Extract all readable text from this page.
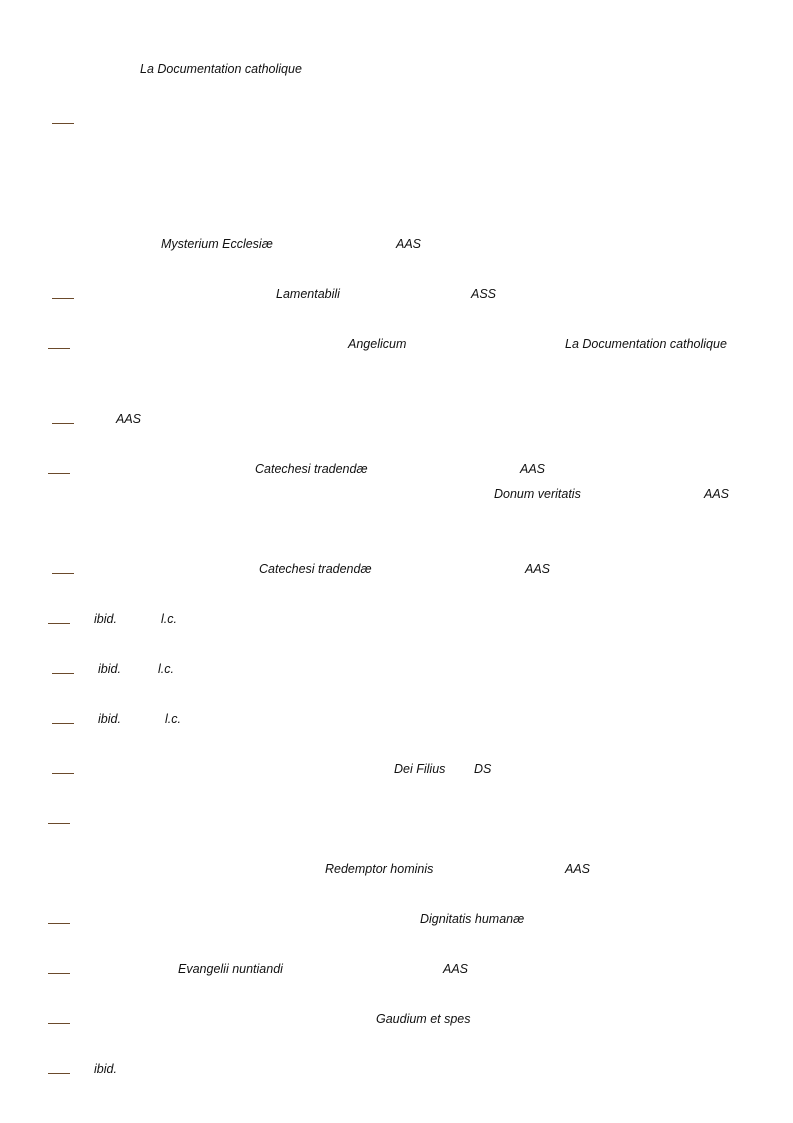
La Documentation catholique
Mysterium Ecclesiæ	AAS
Lamentabili	ASS
Angelicum	La Documentation catholique
AAS
Catechesi tradendæ	AAS
Donum veritatis	AAS
Catechesi tradendæ	AAS
ibid.	l.c.
ibid.	l.c.
ibid.	l.c.
Dei Filius DS
Redemptor hominis	AAS
Dignitatis humanæ
Evangelii nuntiandi	AAS
Gaudium et spes
ibid.
